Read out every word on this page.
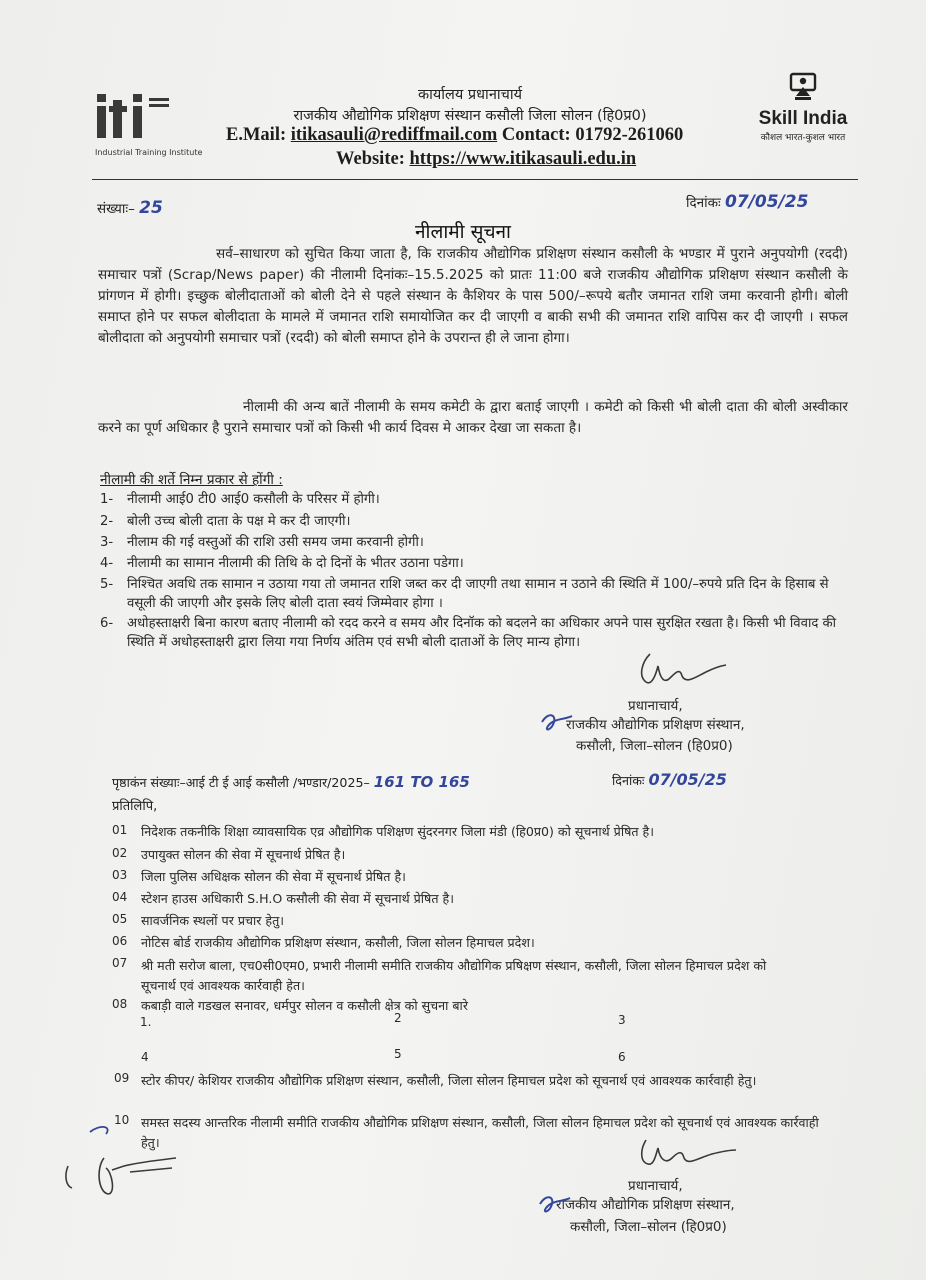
Industrial Training Institute
Skill India
कौशल भारत-कुशल भारत
कार्यालय प्रधानाचार्य
राजकीय औद्योगिक प्रशिक्षण संस्थान कसौली जिला सोलन (हि0प्र0)
E.Mail: itikasauli@rediffmail.com Contact: 01792-261060
Website: https://www.itikasauli.edu.in
संख्याः– 25	दिनांकः 07/05/25
नीलामी सूचना
सर्व–साधारण को सुचित किया जाता है, कि राजकीय औद्योगिक प्रशिक्षण संस्थान कसौली के भण्डार में पुराने अनुपयोगी (रददी) समाचार पत्रों (Scrap/News paper) की नीलामी दिनांकः–15.5.2025 को प्रातः 11:00 बजे राजकीय औद्योगिक प्रशिक्षण संस्थान कसौली के प्रांगणन में होगी। इच्छुक बोलीदाताओं को बोली देने से पहले संस्थान के कैशियर के पास 500/–रूपये बतौर जमानत राशि जमा करवानी होगी। बोली समाप्त होने पर सफल बोलीदाता के मामले में जमानत राशि समायोजित कर दी जाएगी व बाकी सभी की जमानत राशि वापिस कर दी जाएगी । सफल बोलीदाता को अनुपयोगी समाचार पत्रों (रददी) को बोली समाप्त होने के उपरान्त ही ले जाना होगा।
नीलामी की अन्य बातें नीलामी के समय कमेटी के द्वारा बताई जाएगी । कमेटी को किसी भी बोली दाता की बोली अस्वीकार करने का पूर्ण अधिकार है पुराने समाचार पत्रों को किसी भी कार्य दिवस मे आकर देखा जा सकता है।
नीलामी की शर्ते निम्न प्रकार से होंगी :
1- नीलामी आई0 टी0 आई0 कसौली के परिसर में होगी।
2- बोली उच्च बोली दाता के पक्ष मे कर दी जाएगी।
3- नीलाम की गई वस्तुओं की राशि उसी समय जमा करवानी होगी।
4- नीलामी का सामान नीलामी की तिथि के दो दिनों के भीतर उठाना पडेगा।
5- निश्चित अवधि तक सामान न उठाया गया तो जमानत राशि जब्त कर दी जाएगी तथा सामान न उठाने की स्थिति में 100/–रुपये प्रति दिन के हिसाब से वसूली की जाएगी और इसके लिए बोली दाता स्वयं जिम्मेवार होगा ।
6- अधोहस्ताक्षरी बिना कारण बताए नीलामी को रदद करने व समय और दिनॉक को बदलने का अधिकार अपने पास सुरक्षित रखता है। किसी भी विवाद की स्थिति में अधोहस्ताक्षरी द्वारा लिया गया निर्णय अंतिम एवं सभी बोली दाताओं के लिए मान्य होगा।
प्रधानाचार्य,
राजकीय औद्योगिक प्रशिक्षण संस्थान,
कसौली, जिला–सोलन (हि0प्र0)
पृष्ठाकंन संख्याः–आई टी ई आई कसौली /भण्डार/2025– 161 TO 165	दिनांकः 07/05/25
प्रतिलिपि,
01 निदेशक तकनीकि शिक्षा व्यावसायिक एव्र औद्योगिक पशिक्षण सुंदरनगर जिला मंडी (हि0प्र0) को सूचनार्थ प्रेषित है।
02 उपायुक्त सोलन की सेवा में सूचनार्थ प्रेषित है।
03 जिला पुलिस अधिक्षक सोलन की सेवा में सूचनार्थ प्रेषित है।
04 स्टेशन हाउस अधिकारी S.H.O कसौली की सेवा में सूचनार्थ प्रेषित है।
05 सावर्जनिक स्थलों पर प्रचार हेतु।
06 नोटिस बोर्ड राजकीय औद्योगिक प्रशिक्षण संस्थान, कसौली, जिला सोलन हिमाचल प्रदेश।
07 श्री मती सरोज बाला, एच0सी0एम0, प्रभारी नीलामी समीति राजकीय औद्योगिक प्रषिक्षण संस्थान, कसौली, जिला सोलन हिमाचल प्रदेश को सूचनार्थ एवं आवश्यक कार्रवाही हेत।
08 कबाड़ी वाले गडखल सनावर, धर्मपुर सोलन व कसौली क्षेत्र को सुचना बारे
1.	2	3
4	5	6
09 स्टोर कीपर/ केशियर राजकीय औद्योगिक प्रशिक्षण संस्थान, कसौली, जिला सोलन हिमाचल प्रदेश को सूचनार्थ एवं आवश्यक कार्रवाही हेतु।
10 समस्त सदस्य आन्तरिक नीलामी समीति राजकीय औद्योगिक प्रशिक्षण संस्थान, कसौली, जिला सोलन हिमाचल प्रदेश को सूचनार्थ एवं आवश्यक कार्रवाही हेतु।
प्रधानाचार्य,
राजकीय औद्योगिक प्रशिक्षण संस्थान,
कसौली, जिला–सोलन (हि0प्र0)
